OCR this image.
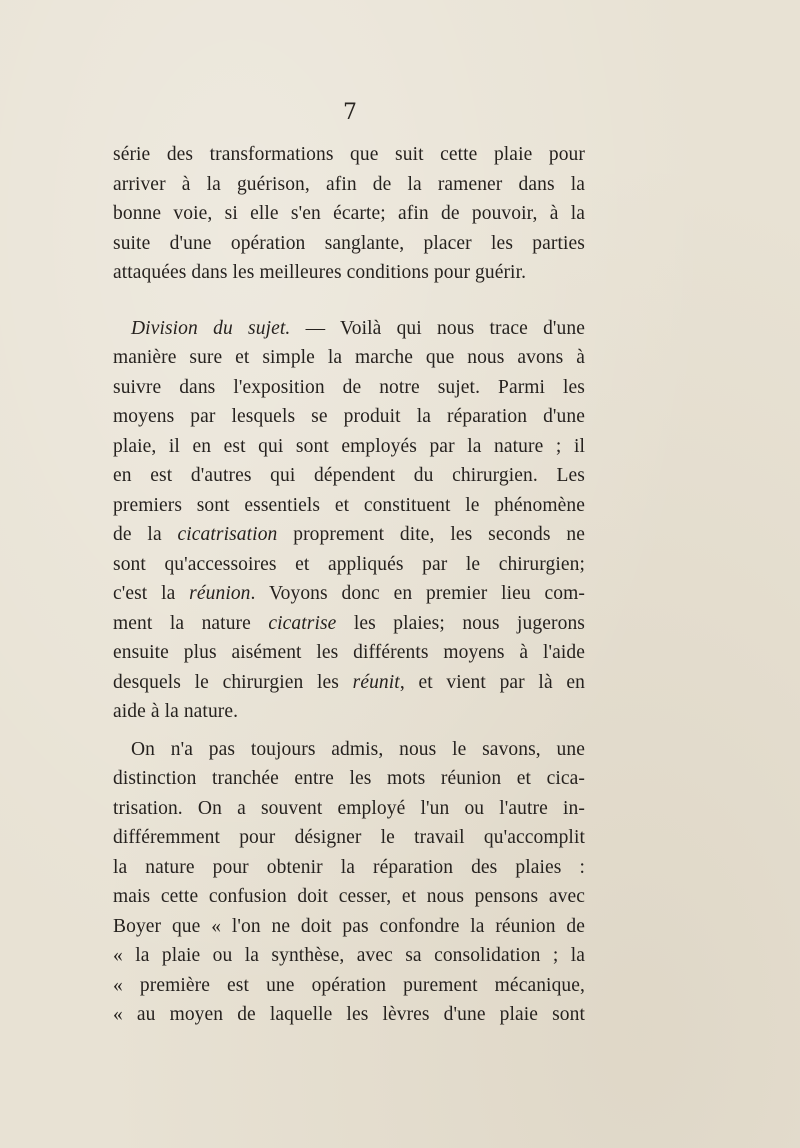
7
série des transformations que suit cette plaie pour
arriver à la guérison, afin de la ramener dans la
bonne voie, si elle s'en écarte; afin de pouvoir, à la
suite d'une opération sanglante, placer les parties
attaquées dans les meilleures conditions pour guérir.
Division du sujet. — Voilà qui nous trace d'une
manière sure et simple la marche que nous avons à
suivre dans l'exposition de notre sujet. Parmi les
moyens par lesquels se produit la réparation d'une
plaie, il en est qui sont employés par la nature ; il
en est d'autres qui dépendent du chirurgien. Les
premiers sont essentiels et constituent le phénomène
de la cicatrisation proprement dite, les seconds ne
sont qu'accessoires et appliqués par le chirurgien;
c'est la réunion. Voyons donc en premier lieu com-
ment la nature cicatrise les plaies; nous jugerons
ensuite plus aisément les différents moyens à l'aide
desquels le chirurgien les réunit, et vient par là en
aide à la nature.
On n'a pas toujours admis, nous le savons, une
distinction tranchée entre les mots réunion et cica-
trisation. On a souvent employé l'un ou l'autre in-
différemment pour désigner le travail qu'accomplit
la nature pour obtenir la réparation des plaies :
mais cette confusion doit cesser, et nous pensons avec
Boyer que « l'on ne doit pas confondre la réunion de
« la plaie ou la synthèse, avec sa consolidation ; la
« première est une opération purement mécanique,
« au moyen de laquelle les lèvres d'une plaie sont
